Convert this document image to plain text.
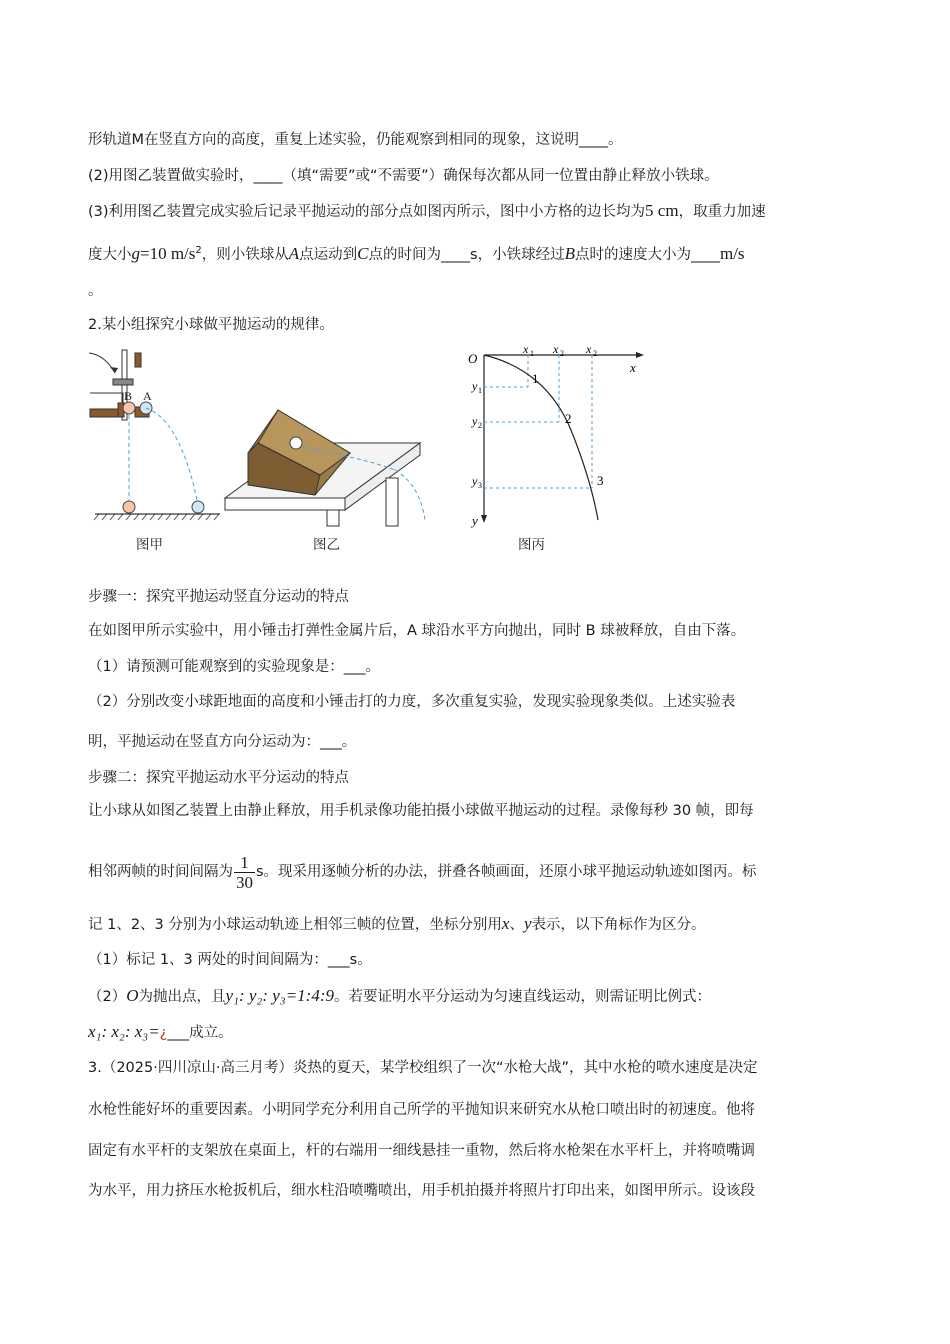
形轨道M在竖直方向的高度，重复上述实验，仍能观察到相同的现象，这说明____。
(2)用图乙装置做实验时，____（填“需要”或“不需要”）确保每次都从同一位置由静止释放小铁球。
(3)利用图乙装置完成实验后记录平抛运动的部分点如图丙所示，图中小方格的边长均为5 cm，取重力加速
度大小g=10 $m/s^2$，则小铁球从A点运动到C点的时间为____s，小铁球经过B点时的速度大小为____m/s
。
2.某小组探究小球做平抛运动的规律。
B A
图甲	图乙
O
x
y
x 1 x 2 x 2
y 1
y 2
y 3
1
2
3
图丙
步骤一：探究平抛运动竖直分运动的特点
在如图甲所示实验中，用小锤击打弹性金属片后，A 球沿水平方向抛出，同时 B 球被释放，自由下落。
（1）请预测可能观察到的实验现象是：___。
（2）分别改变小球距地面的高度和小锤击打的力度，多次重复实验，发现实验现象类似。上述实验表
明，平抛运动在竖直方向分运动为：___。
步骤二：探究平抛运动水平分运动的特点
让小球从如图乙装置上由静止释放，用手机录像功能拍摄小球做平抛运动的过程。录像每秒 30 帧，即每
相邻两帧的时间间隔为 $\frac{1}{30}$ s。现采用逐帧分析的办法，拼叠各帧画面，还原小球平抛运动轨迹如图丙。标
记 1、2、3 分别为小球运动轨迹上相邻三帧的位置，坐标分别用x、y表示，以下角标作为区分。
（1）标记 1、3 两处的时间间隔为：___s。
（2）O为抛出点，且y₁: y₂: y₃=1:4:9。若要证明水平分运动为匀速直线运动，则需证明比例式：
x₁: x₂: x₃=¿___成立。
3.（2025·四川凉山·高三月考）炎热的夏天，某学校组织了一次“水枪大战”，其中水枪的喷水速度是决定
水枪性能好坏的重要因素。小明同学充分利用自己所学的平抛知识来研究水从枪口喷出时的初速度。他将
固定有水平杆的支架放在桌面上，杆的右端用一细线悬挂一重物，然后将水枪架在水平杆上，并将喷嘴调
为水平，用力挤压水枪扳机后，细水柱沿喷嘴喷出，用手机拍摄并将照片打印出来，如图甲所示。设该段
